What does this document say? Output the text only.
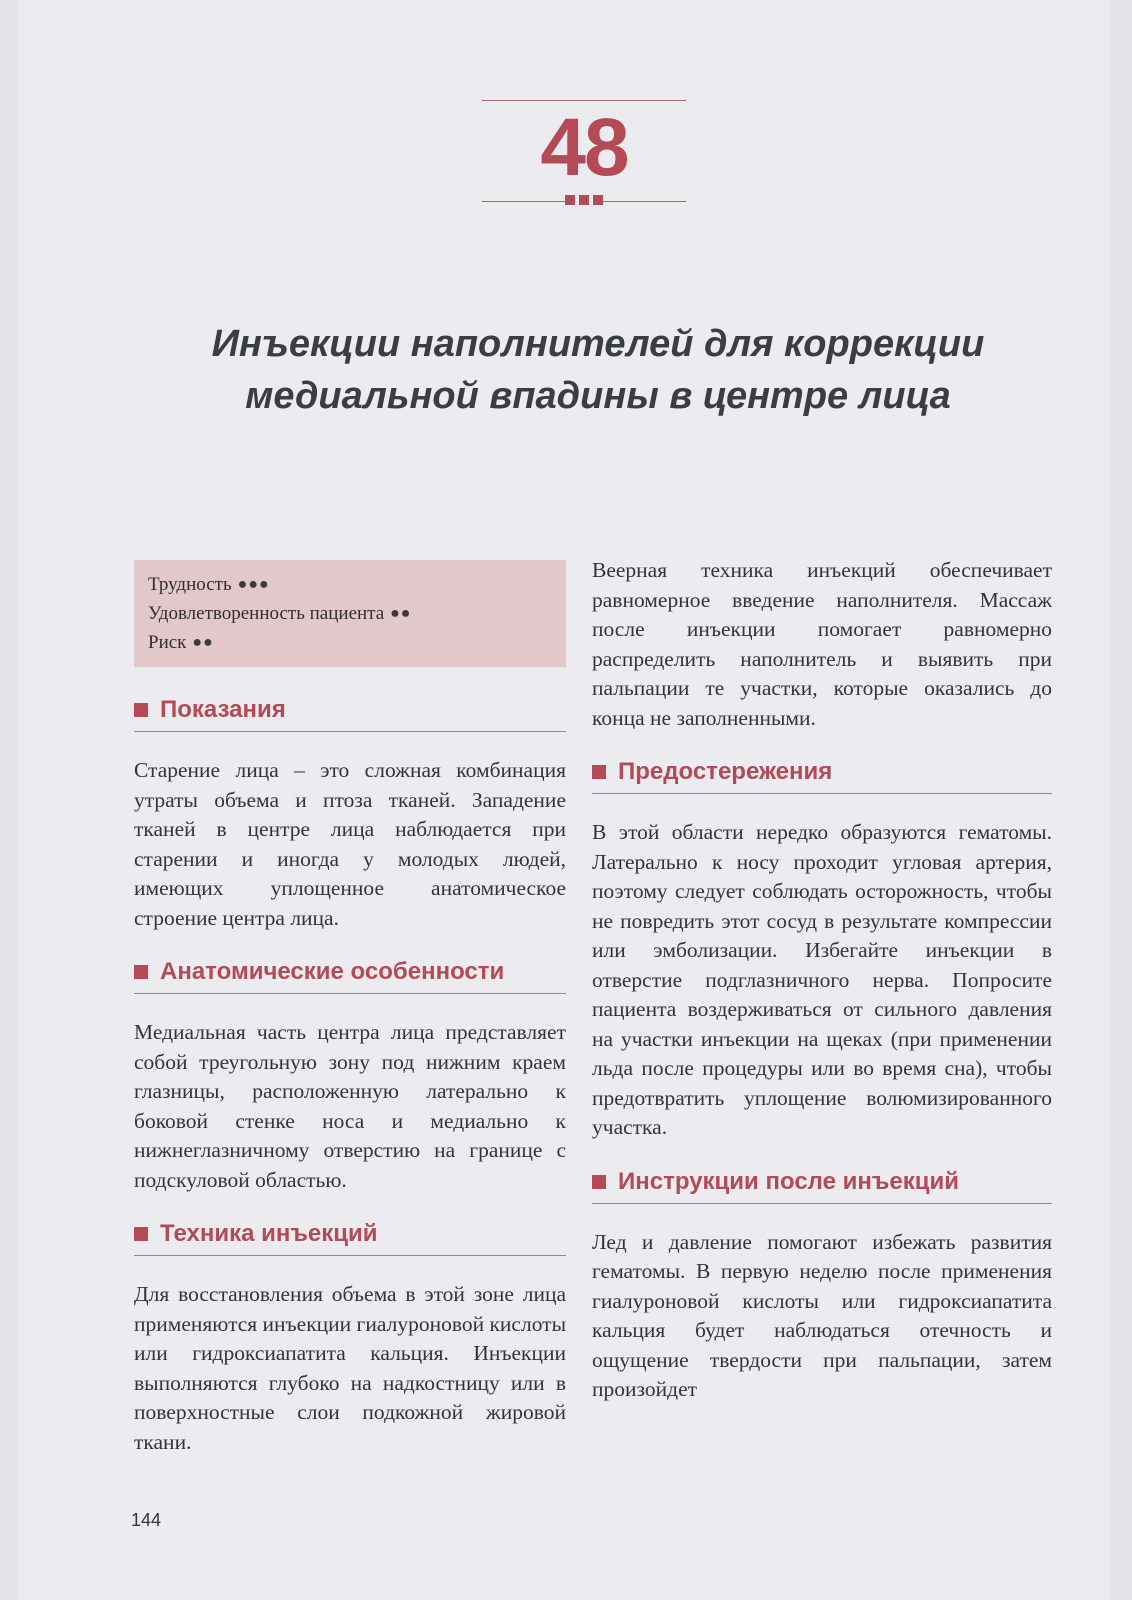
48
Инъекции наполнителей для коррекции
медиальной впадины в центре лица
Трудность ●●●
Удовлетворенность пациента ●●
Риск ●●
Показания

Старение лица – это сложная комбинация утраты объема и птоза тканей. Западение тканей в центре лица наблюдается при старении и иногда у молодых людей, имеющих уплощенное анатомическое строение центра лица.

Анатомические особенности

Медиальная часть центра лица представляет собой треугольную зону под нижним краем глазницы, расположенную латерально к боковой стенке носа и медиально к нижнеглазничному отверстию на границе с подскуловой областью.

Техника инъекций

Для восстановления объема в этой зоне лица применяются инъекции гиалуроновой кислоты или гидроксиапатита кальция. Инъекции выполняются глубоко на надкостницу или в поверхностные слои подкожной жировой ткани.

Веерная техника инъекций обеспечивает равномерное введение наполнителя. Массаж после инъекции помогает равномерно распределить наполнитель и выявить при пальпации те участки, которые оказались до конца не заполненными.

Предостережения

В этой области нередко образуются гематомы. Латерально к носу проходит угловая артерия, поэтому следует соблюдать осторожность, чтобы не повредить этот сосуд в результате компрессии или эмболизации. Избегайте инъекции в отверстие подглазничного нерва. Попросите пациента воздерживаться от сильного давления на участки инъекции на щеках (при применении льда после процедуры или во время сна), чтобы предотвратить уплощение волюмизированного участка.

Инструкции после инъекций

Лед и давление помогают избежать развития гематомы. В первую неделю после применения гиалуроновой кислоты или гидроксиапатита кальция будет наблюдаться отечность и ощущение твердости при пальпации, затем произойдет

144
